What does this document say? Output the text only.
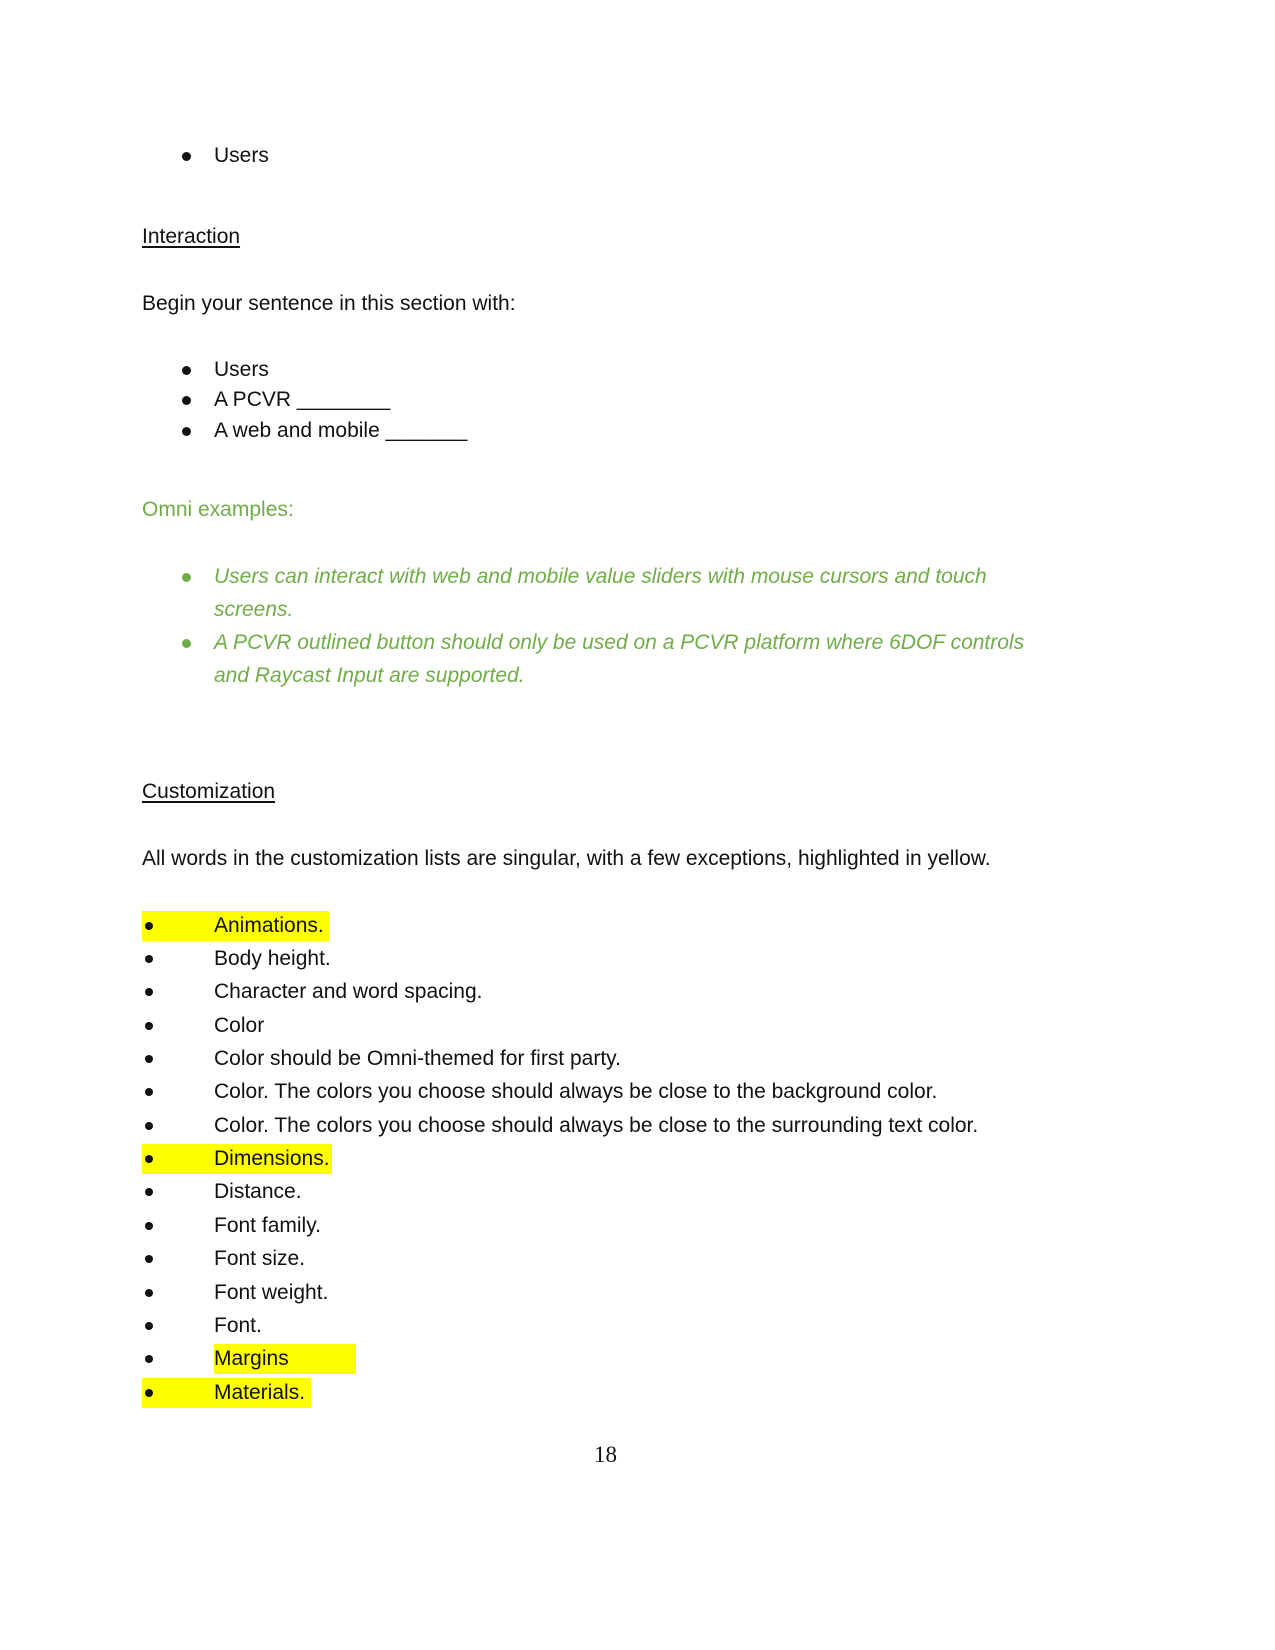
Users
Interaction
Begin your sentence in this section with:
Users
A PCVR ________
A web and mobile _______
Omni examples:
Users can interact with web and mobile value sliders with mouse cursors and touch
screens.
A PCVR outlined button should only be used on a PCVR platform where 6DOF controls
and Raycast Input are supported.
Customization
All words in the customization lists are singular, with a few exceptions, highlighted in yellow.
Animations.
Body height.
Character and word spacing.
Color
Color should be Omni-themed for first party.
Color. The colors you choose should always be close to the background color.
Color. The colors you choose should always be close to the surrounding text color.
Dimensions.
Distance.
Font family.
Font size.
Font weight.
Font.
Margins
Materials.
18
